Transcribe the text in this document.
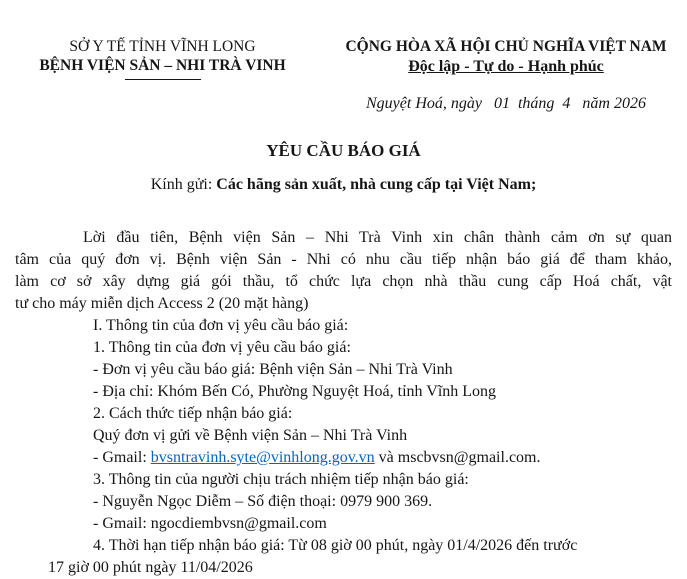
SỞ Y TẾ TỈNH VĨNH LONG
BỆNH VIỆN SẢN – NHI TRÀ VINH
CỘNG HÒA XÃ HỘI CHỦ NGHĨA VIỆT NAM
Độc lập - Tự do - Hạnh phúc
Nguyệt Hoá, ngày   01  tháng  4   năm 2026
YÊU CẦU BÁO GIÁ
Kính gửi: Các hãng sản xuất, nhà cung cấp tại Việt Nam;
Lời đầu tiên, Bệnh viện Sản – Nhi Trà Vinh xin chân thành cảm ơn sự quan
tâm của quý đơn vị. Bệnh viện Sản - Nhi có nhu cầu tiếp nhận báo giá để tham khảo,
làm cơ sở xây dựng giá gói thầu, tổ chức lựa chọn nhà thầu cung cấp Hoá chất, vật
tư cho máy miễn dịch Access 2 (20 mặt hàng)
I. Thông tin của đơn vị yêu cầu báo giá:
1. Thông tin của đơn vị yêu cầu báo giá:
- Đơn vị yêu cầu báo giá: Bệnh viện Sản – Nhi Trà Vinh
- Địa chỉ: Khóm Bến Có, Phường Nguyệt Hoá, tỉnh Vĩnh Long
2. Cách thức tiếp nhận báo giá:
Quý đơn vị gửi về Bệnh viện Sản – Nhi Trà Vinh
- Gmail: bvsntravinh.syte@vinhlong.gov.vn và mscbvsn@gmail.com.
3. Thông tin của người chịu trách nhiệm tiếp nhận báo giá:
- Nguyễn Ngọc Diễm – Số điện thoại: 0979 900 369.
- Gmail: ngocdiembvsn@gmail.com
4. Thời hạn tiếp nhận báo giá: Từ 08 giờ 00 phút, ngày 01/4/2026 đến trước
17 giờ 00 phút ngày 11/04/2026
